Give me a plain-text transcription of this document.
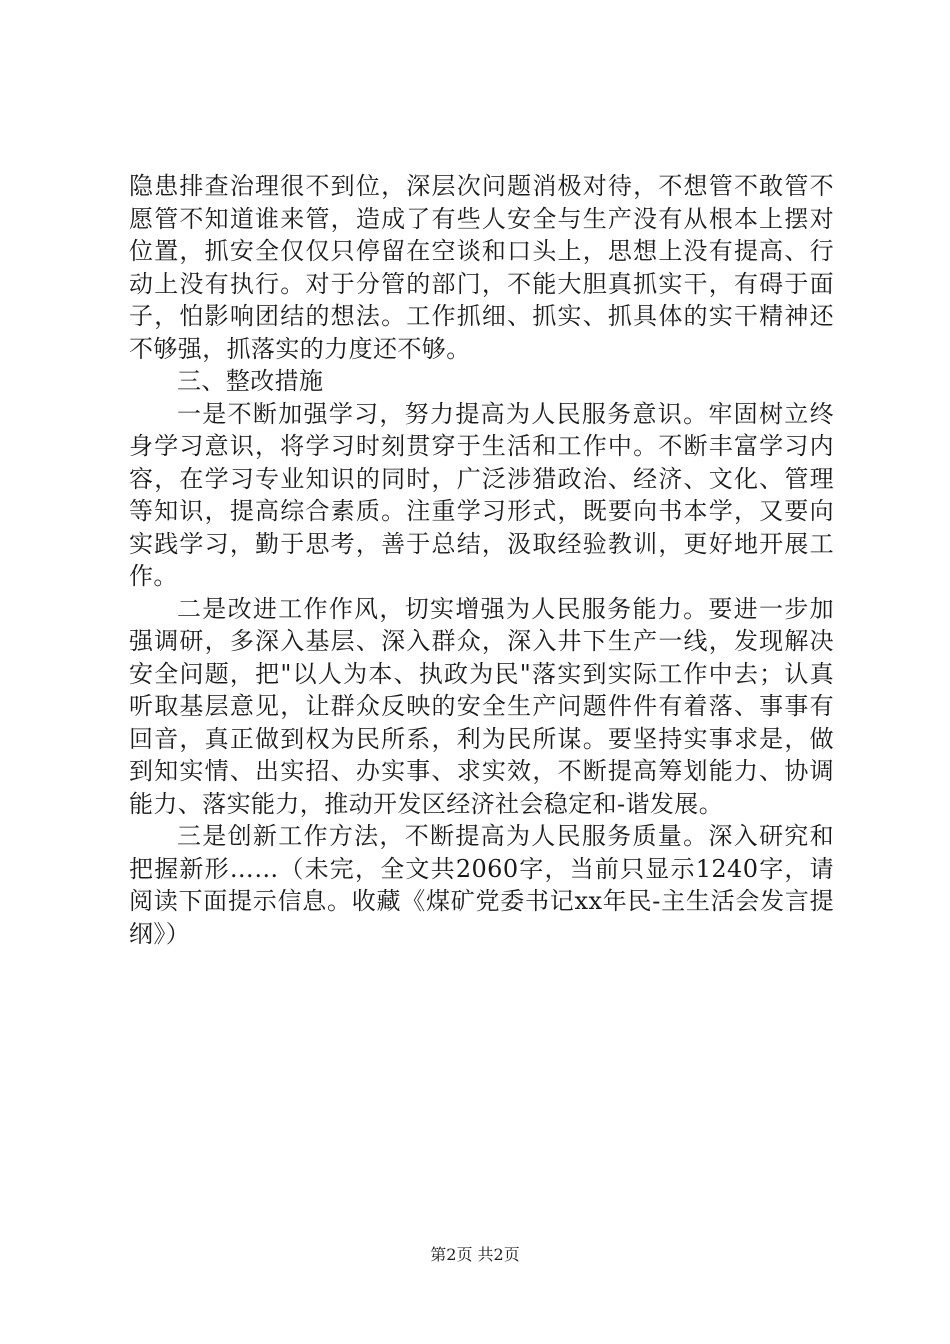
隐患排查治理很不到位，深层次问题消极对待，不想管不敢管不愿管不知道谁来管，造成了有些人安全与生产没有从根本上摆对位置，抓安全仅仅只停留在空谈和口头上，思想上没有提高、行动上没有执行。对于分管的部门，不能大胆真抓实干，有碍于面子，怕影响团结的想法。工作抓细、抓实、抓具体的实干精神还不够强，抓落实的力度还不够。

三、整改措施

一是不断加强学习，努力提高为人民服务意识。牢固树立终身学习意识，将学习时刻贯穿于生活和工作中。不断丰富学习内容，在学习专业知识的同时，广泛涉猎政治、经济、文化、管理等知识，提高综合素质。注重学习形式，既要向书本学，又要向实践学习，勤于思考，善于总结，汲取经验教训，更好地开展工作。

二是改进工作作风，切实增强为人民服务能力。要进一步加强调研，多深入基层、深入群众，深入井下生产一线，发现解决安全问题，把"以人为本、执政为民"落实到实际工作中去；认真听取基层意见，让群众反映的安全生产问题件件有着落、事事有回音，真正做到权为民所系，利为民所谋。要坚持实事求是，做到知实情、出实招、办实事、求实效，不断提高筹划能力、协调能力、落实能力，推动开发区经济社会稳定和-谐发展。

三是创新工作方法，不断提高为人民服务质量。深入研究和把握新形……（未完，全文共2060字，当前只显示1240字，请阅读下面提示信息。收藏《煤矿党委书记xx年民-主生活会发言提纲》）

第2页 共2页
